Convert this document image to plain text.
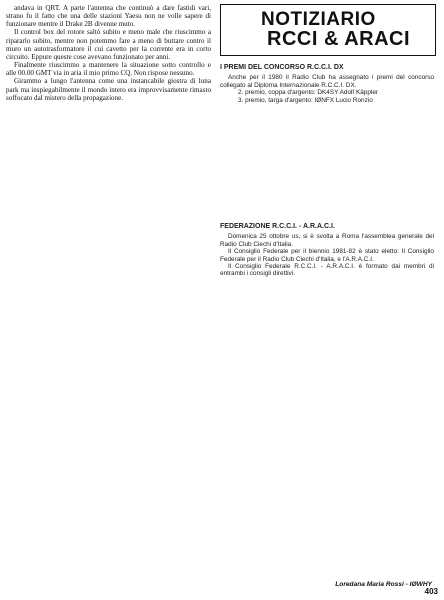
andava in QRT. A parte l'antenna che continuò a dare fastidi vari, strano fu il fatto che una delle stazioni Yaesu non ne volle sapere di funzionare mentre il Drake 2B divenne muto.

Il control box del rotore saltò subito e meno male che riuscimmo a ripararlo subito, mentre non potemmo fare a meno di buttare contro il muro un autotrasformatore il cui cavetto per la corrente era in corto circuito. Eppure queste cose avevano funzionato per anni.

Finalmente riuscimmo a mantenere la situazione sotto controllo e alle 00.00 GMT via in aria il mio primo CQ. Non rispose nessuno.

Girammo a lungo l'antenna come una instancabile giostra di luna park ma inspiegabilmente il mondo intero era improvvisamente rimasto soffocato dal mistero della propagazione.

NOTIZIARIO
RCCI & ARACI
I PREMI DEL CONCORSO R.C.C.I. DX

Anche per il 1980 il Radio Club ha assegnato i premi del concorso collegato al Diploma Internazionale R.C.C.I. DX.

2. premio, coppa d'argento: DK4SY Adolf Käppler

3. premio, targa d'argento: IØNFX Lucio Ronzio

FEDERAZIONE R.C.C.I. - A.R.A.C.I.

Domenica 25 ottobre us, si è svolta a Roma l'assemblea generale del Radio Club Ciechi d'Italia.

Il Consiglio Federale per il biennio 1981-82 è stato eletto: Il Consiglio Federale per il Radio Club Ciechi d'Italia, e l'A.R.A.C.I.

Il Consiglio Federale R.C.C.I. - A.R.A.C.I. è formato dai membri di entrambi i consigli direttivi.

Loredana Maria Rossi - IØWHY
403
